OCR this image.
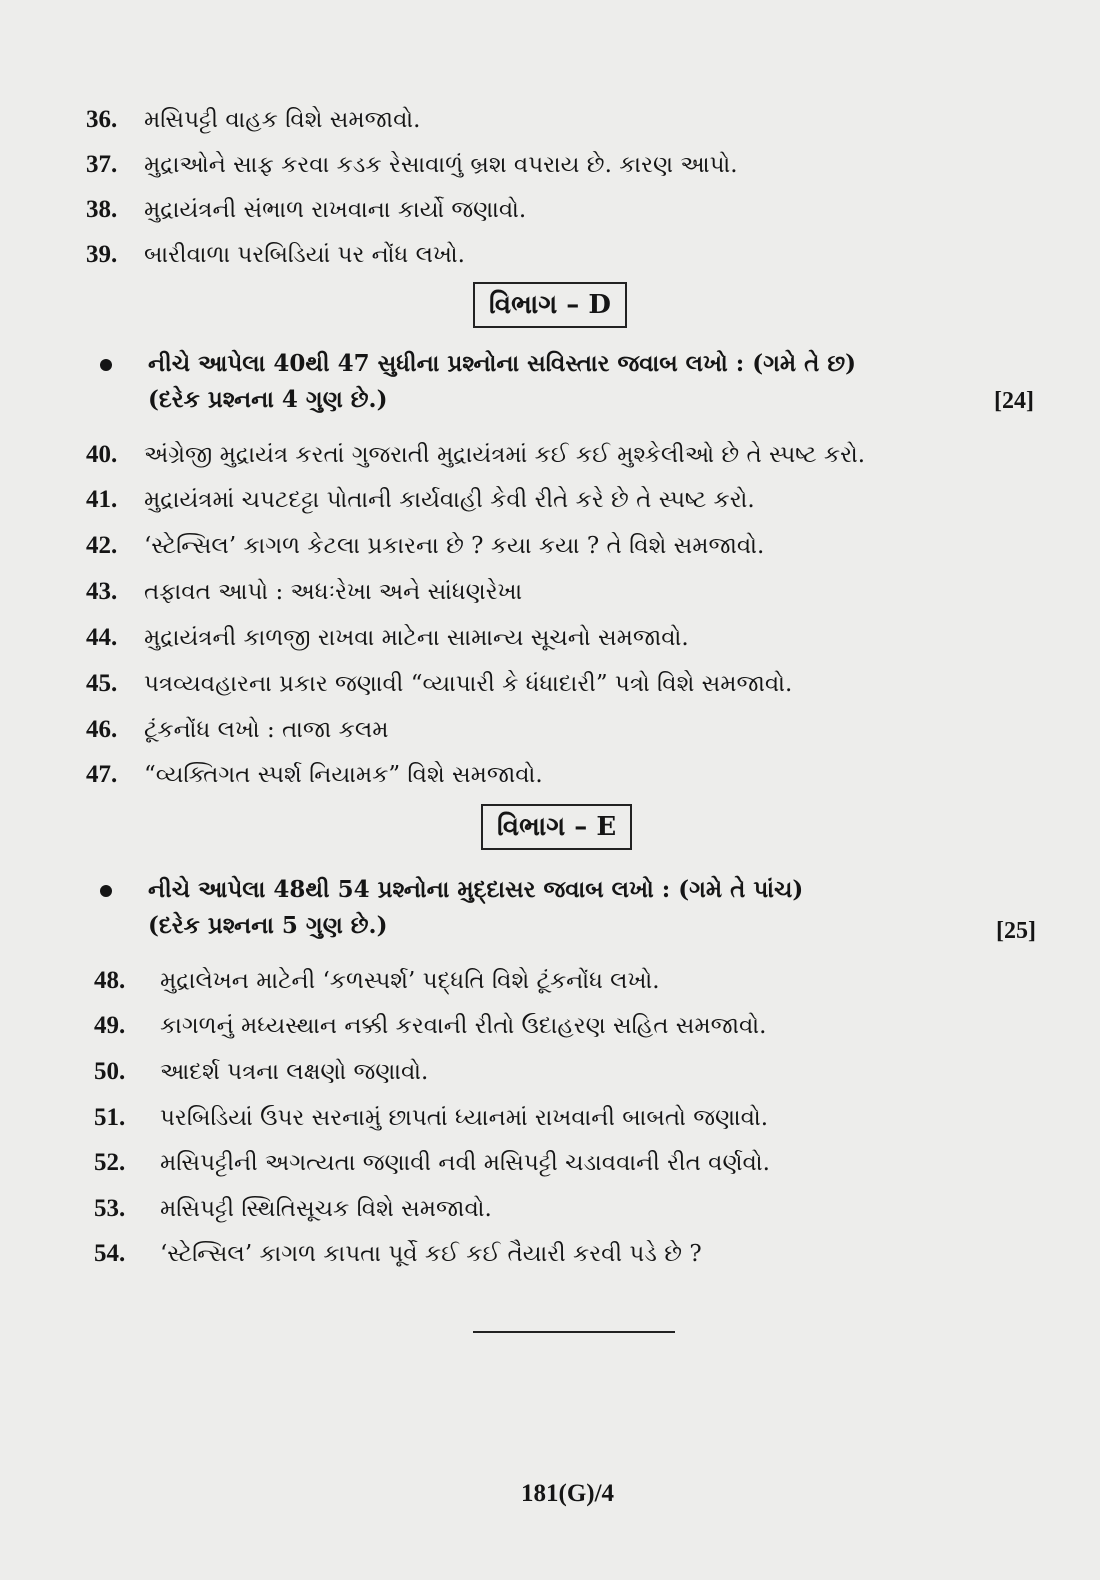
36. મસિપટ્ટી વાહક વિશે સમજાવો.
37. મુદ્રાઓને સાફ કરવા કડક રેસાવાળું બ્રશ વપરાય છે. કારણ આપો.
38. મુદ્રાયંત્રની સંભાળ રાખવાના કાર્યો જણાવો.
39. બારીવાળા પરબિડિયાં પર નોંધ લખો.
વિભાગ – D
નીચે આપેલા 40થી 47 સુધીના પ્રશ્નોના સવિસ્તાર જવાબ લખો : (ગમે તે છ)
(દરેક પ્રશ્નના 4 ગુણ છે.)	[24]
40. અંગ્રેજી મુદ્રાયંત્ર કરતાં ગુજરાતી મુદ્રાયંત્રમાં કઈ કઈ મુશ્કેલીઓ છે તે સ્પષ્ટ કરો.
41. મુદ્રાયંત્રમાં ચપટદટ્ટા પોતાની કાર્યવાહી કેવી રીતે કરે છે તે સ્પષ્ટ કરો.
42. ‘સ્ટેન્સિલ’ કાગળ કેટલા પ્રકારના છે ? કયા કયા ? તે વિશે સમજાવો.
43. તફાવત આપો : અધઃરેખા અને સાંધણરેખા
44. મુદ્રાયંત્રની કાળજી રાખવા માટેના સામાન્ય સૂચનો સમજાવો.
45. પત્રવ્યવહારના પ્રકાર જણાવી “વ્યાપારી કે ધંધાદારી” પત્રો વિશે સમજાવો.
46. ટૂંકનોંધ લખો : તાજા કલમ
47. “વ્યક્તિગત સ્પર્શ નિયામક” વિશે સમજાવો.
વિભાગ – E
નીચે આપેલા 48થી 54 પ્રશ્નોના મુદ્દાસર જવાબ લખો : (ગમે તે પાંચ)
(દરેક પ્રશ્નના 5 ગુણ છે.)	[25]
48. મુદ્રાલેખન માટેની ‘કળસ્પર્શ’ પદ્ધતિ વિશે ટૂંકનોંધ લખો.
49. કાગળનું મધ્યસ્થાન નક્કી કરવાની રીતો ઉદાહરણ સહિત સમજાવો.
50. આદર્શ પત્રના લક્ષણો જણાવો.
51. પરબિડિયાં ઉપર સરનામું છાપતાં ધ્યાનમાં રાખવાની બાબતો જણાવો.
52. મસિપટ્ટીની અગત્યતા જણાવી નવી મસિપટ્ટી ચડાવવાની રીત વર્ણવો.
53. મસિપટ્ટી સ્થિતિસૂચક વિશે સમજાવો.
54. ‘સ્ટેન્સિલ’ કાગળ કાપતા પૂર્વે કઈ કઈ તૈયારી કરવી પડે છે ?
181(G)/4
